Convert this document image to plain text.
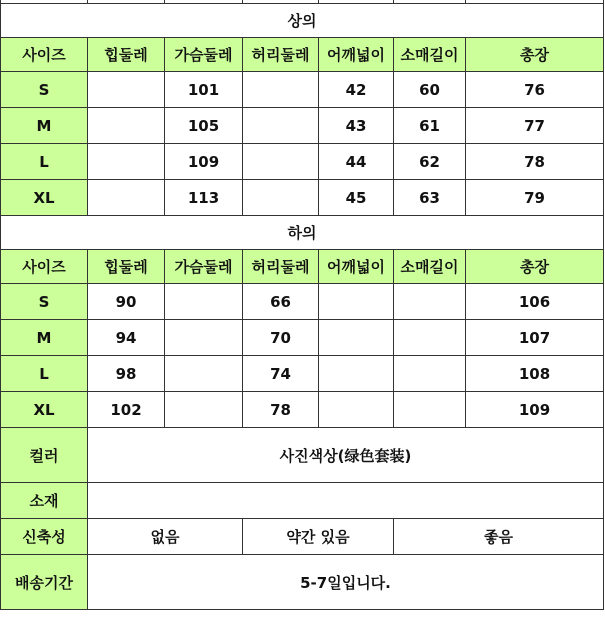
상의						
사이즈	힙둘레	가슴둘레	허리둘레	어깨넓이	소매길이	총장
S		101		42	60	76
M		105		43	61	77
L		109		44	62	78
XL		113		45	63	79
하의						
사이즈	힙둘레	가슴둘레	허리둘레	어깨넓이	소매길이	총장
S	90		66			106
M	94		70			107
L	98		74			108
XL	102		78			109
컬러	사진색상(绿色套装)					
소재						
신축성	없음		약간 있음		좋음	
배송기간	5-7일입니다.					
